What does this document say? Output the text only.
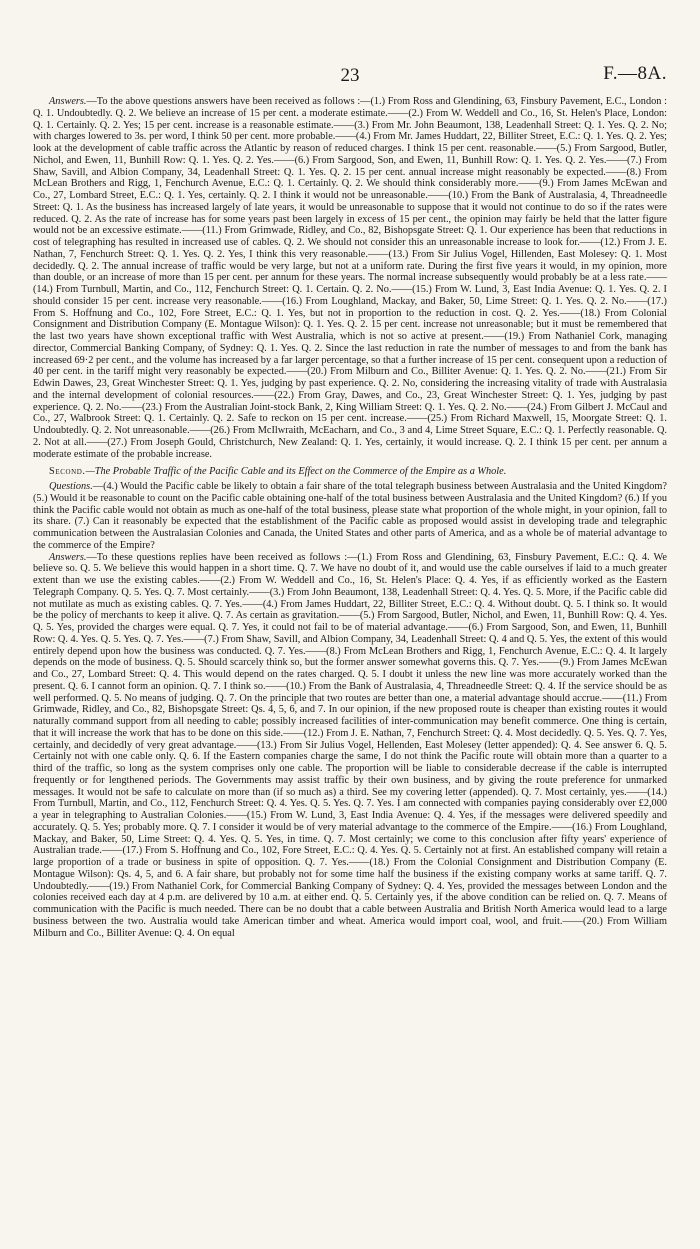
23	F.—8A.

Answers.—To the above questions answers have been received as follows :—(1.) From Ross and Glendining, 63, Finsbury Pavement, E.C., London : Q. 1. Undoubtedly. Q. 2. We believe an increase of 15 per cent. a moderate estimate.——(2.) From W. Weddell and Co., 16, St. Helen's Place, London: Q. 1. Certainly. Q. 2. Yes; 15 per cent. increase is a reasonable estimate.——(3.) From Mr. John Beaumont, 138, Leadenhall Street: Q. 1. Yes. Q. 2. No; with charges lowered to 3s. per word, I think 50 per cent. more probable.——(4.) From Mr. James Huddart, 22, Billiter Street, E.C.: Q. 1. Yes. Q. 2. Yes; look at the development of cable traffic across the Atlantic by reason of reduced charges. I think 15 per cent. reasonable.——(5.) From Sargood, Butler, Nichol, and Ewen, 11, Bunhill Row: Q. 1. Yes. Q. 2. Yes.——(6.) From Sargood, Son, and Ewen, 11, Bunhill Row: Q. 1. Yes. Q. 2. Yes.——(7.) From Shaw, Savill, and Albion Company, 34, Leadenhall Street: Q. 1. Yes. Q. 2. 15 per cent. annual increase might reasonably be expected.——(8.) From McLean Brothers and Rigg, 1, Fenchurch Avenue, E.C.: Q. 1. Certainly. Q. 2. We should think considerably more.——(9.) From James McEwan and Co., 27, Lombard Street, E.C.: Q. 1. Yes, certainly. Q. 2. I think it would not be unreasonable.——(10.) From the Bank of Australasia, 4, Threadneedle Street: Q. 1. As the business has increased largely of late years, it would be unreasonable to suppose that it would not continue to do so if the rates were reduced. Q. 2. As the rate of increase has for some years past been largely in excess of 15 per cent., the opinion may fairly be held that the latter figure would not be an excessive estimate.——(11.) From Grimwade, Ridley, and Co., 82, Bishopsgate Street: Q. 1. Our experience has been that reductions in cost of telegraphing has resulted in increased use of cables. Q. 2. We should not consider this an unreasonable increase to look for.——(12.) From J. E. Nathan, 7, Fenchurch Street: Q. 1. Yes. Q. 2. Yes, I think this very reasonable.——(13.) From Sir Julius Vogel, Hillenden, East Molesey: Q. 1. Most decidedly. Q. 2. The annual increase of traffic would be very large, but not at a uniform rate. During the first five years it would, in my opinion, more than double, or an increase of more than 15 per cent. per annum for these years. The normal increase subsequently would probably be at a less rate.——(14.) From Turnbull, Martin, and Co., 112, Fenchurch Street: Q. 1. Certain. Q. 2. No.——(15.) From W. Lund, 3, East India Avenue: Q. 1. Yes. Q. 2. I should consider 15 per cent. increase very reasonable.——(16.) From Loughland, Mackay, and Baker, 50, Lime Street: Q. 1. Yes. Q. 2. No.——(17.) From S. Hoffnung and Co., 102, Fore Street, E.C.: Q. 1. Yes, but not in proportion to the reduction in cost. Q. 2. Yes.——(18.) From Colonial Consignment and Distribution Company (E. Montague Wilson): Q. 1. Yes. Q. 2. 15 per cent. increase not unreasonable; but it must be remembered that the last two years have shown exceptional traffic with West Australia, which is not so active at present.——(19.) From Nathaniel Cork, managing director, Commercial Banking Company, of Sydney: Q. 1. Yes. Q. 2. Since the last reduction in rate the number of messages to and from the bank has increased 69·2 per cent., and the volume has increased by a far larger percentage, so that a further increase of 15 per cent. consequent upon a reduction of 40 per cent. in the tariff might very reasonably be expected.——(20.) From Milburn and Co., Billiter Avenue: Q. 1. Yes. Q. 2. No.——(21.) From Sir Edwin Dawes, 23, Great Winchester Street: Q. 1. Yes, judging by past experience. Q. 2. No, considering the increasing vitality of trade with Australasia and the internal development of colonial resources.——(22.) From Gray, Dawes, and Co., 23, Great Winchester Street: Q. 1. Yes, judging by past experience. Q. 2. No.——(23.) From the Australian Joint-stock Bank, 2, King William Street: Q. 1. Yes. Q. 2. No.——(24.) From Gilbert J. McCaul and Co., 27, Walbrook Street: Q. 1. Certainly. Q. 2. Safe to reckon on 15 per cent. increase.——(25.) From Richard Maxwell, 15, Moorgate Street: Q. 1. Undoubtedly. Q. 2. Not unreasonable.——(26.) From McIlwraith, McEacharn, and Co., 3 and 4, Lime Street Square, E.C.: Q. 1. Perfectly reasonable. Q. 2. Not at all.——(27.) From Joseph Gould, Christchurch, New Zealand: Q. 1. Yes, certainly, it would increase. Q. 2. I think 15 per cent. per annum a moderate estimate of the probable increase.

Second.—The Probable Traffic of the Pacific Cable and its Effect on the Commerce of the Empire as a Whole.

Questions.—(4.) Would the Pacific cable be likely to obtain a fair share of the total telegraph business between Australasia and the United Kingdom? (5.) Would it be reasonable to count on the Pacific cable obtaining one-half of the total business between Australasia and the United Kingdom? (6.) If you think the Pacific cable would not obtain as much as one-half of the total business, please state what proportion of the whole might, in your opinion, fall to its share. (7.) Can it reasonably be expected that the establishment of the Pacific cable as proposed would assist in developing trade and telegraphic communication between the Australasian Colonies and Canada, the United States and other parts of America, and as a whole be of material advantage to the commerce of the Empire?

Answers.—To these questions replies have been received as follows :—(1.) From Ross and Glendining, 63, Finsbury Pavement, E.C.: Q. 4. We believe so. Q. 5. We believe this would happen in a short time. Q. 7. We have no doubt of it, and would use the cable ourselves if laid to a much greater extent than we use the existing cables.——(2.) From W. Weddell and Co., 16, St. Helen's Place: Q. 4. Yes, if as efficiently worked as the Eastern Telegraph Company. Q. 5. Yes. Q. 7. Most certainly.——(3.) From John Beaumont, 138, Leadenhall Street: Q. 4. Yes. Q. 5. More, if the Pacific cable did not mutilate as much as existing cables. Q. 7. Yes.——(4.) From James Huddart, 22, Billiter Street, E.C.: Q. 4. Without doubt. Q. 5. I think so. It would be the policy of merchants to keep it alive. Q. 7. As certain as gravitation.——(5.) From Sargood, Butler, Nichol, and Ewen, 11, Bunhill Row: Q. 4. Yes. Q. 5. Yes, provided the charges were equal. Q. 7. Yes, it could not fail to be of material advantage.——(6.) From Sargood, Son, and Ewen, 11, Bunhill Row: Q. 4. Yes. Q. 5. Yes. Q. 7. Yes.——(7.) From Shaw, Savill, and Albion Company, 34, Leadenhall Street: Q. 4 and Q. 5. Yes, the extent of this would entirely depend upon how the business was conducted. Q. 7. Yes.——(8.) From McLean Brothers and Rigg, 1, Fenchurch Avenue, E.C.: Q. 4. It largely depends on the mode of business. Q. 5. Should scarcely think so, but the former answer somewhat governs this. Q. 7. Yes.——(9.) From James McEwan and Co., 27, Lombard Street: Q. 4. This would depend on the rates charged. Q. 5. I doubt it unless the new line was more accurately worked than the present. Q. 6. I cannot form an opinion. Q. 7. I think so.——(10.) From the Bank of Australasia, 4, Threadneedle Street: Q. 4. If the service should be as well performed. Q. 5. No means of judging. Q. 7. On the principle that two routes are better than one, a material advantage should accrue.——(11.) From Grimwade, Ridley, and Co., 82, Bishopsgate Street: Qs. 4, 5, 6, and 7. In our opinion, if the new proposed route is cheaper than existing routes it would naturally command support from all needing to cable; possibly increased facilities of inter-communication may benefit commerce. One thing is certain, that it will increase the work that has to be done on this side.——(12.) From J. E. Nathan, 7, Fenchurch Street: Q. 4. Most decidedly. Q. 5. Yes. Q. 7. Yes, certainly, and decidedly of very great advantage.——(13.) From Sir Julius Vogel, Hellenden, East Molesey (letter appended): Q. 4. See answer 6. Q. 5. Certainly not with one cable only. Q. 6. If the Eastern companies charge the same, I do not think the Pacific route will obtain more than a quarter to a third of the traffic, so long as the system comprises only one cable. The proportion will be liable to considerable decrease if the cable is interrupted frequently or for lengthened periods. The Governments may assist traffic by their own business, and by giving the route preference for unmarked messages. It would not be safe to calculate on more than (if so much as) a third. See my covering letter (appended). Q. 7. Most certainly, yes.——(14.) From Turnbull, Martin, and Co., 112, Fenchurch Street: Q. 4. Yes. Q. 5. Yes. Q. 7. Yes. I am connected with companies paying considerably over £2,000 a year in telegraphing to Australian Colonies.——(15.) From W. Lund, 3, East India Avenue: Q. 4. Yes, if the messages were delivered speedily and accurately. Q. 5. Yes; probably more. Q. 7. I consider it would be of very material advantage to the commerce of the Empire.——(16.) From Loughland, Mackay, and Baker, 50, Lime Street: Q. 4. Yes. Q. 5. Yes, in time. Q. 7. Most certainly; we come to this conclusion after fifty years' experience of Australian trade.——(17.) From S. Hoffnung and Co., 102, Fore Street, E.C.: Q. 4. Yes. Q. 5. Certainly not at first. An established company will retain a large proportion of a trade or business in spite of opposition. Q. 7. Yes.——(18.) From the Colonial Consignment and Distribution Company (E. Montague Wilson): Qs. 4, 5, and 6. A fair share, but probably not for some time half the business if the existing company works at same tariff. Q. 7. Undoubtedly.——(19.) From Nathaniel Cork, for Commercial Banking Company of Sydney: Q. 4. Yes, provided the messages between London and the colonies received each day at 4 p.m. are delivered by 10 a.m. at either end. Q. 5. Certainly yes, if the above condition can be relied on. Q. 7. Means of communication with the Pacific is much needed. There can be no doubt that a cable between Australia and British North America would lead to a large business between the two. Australia would take American timber and wheat. America would import coal, wool, and fruit.——(20.) From William Milburn and Co., Billiter Avenue: Q. 4. On equal
